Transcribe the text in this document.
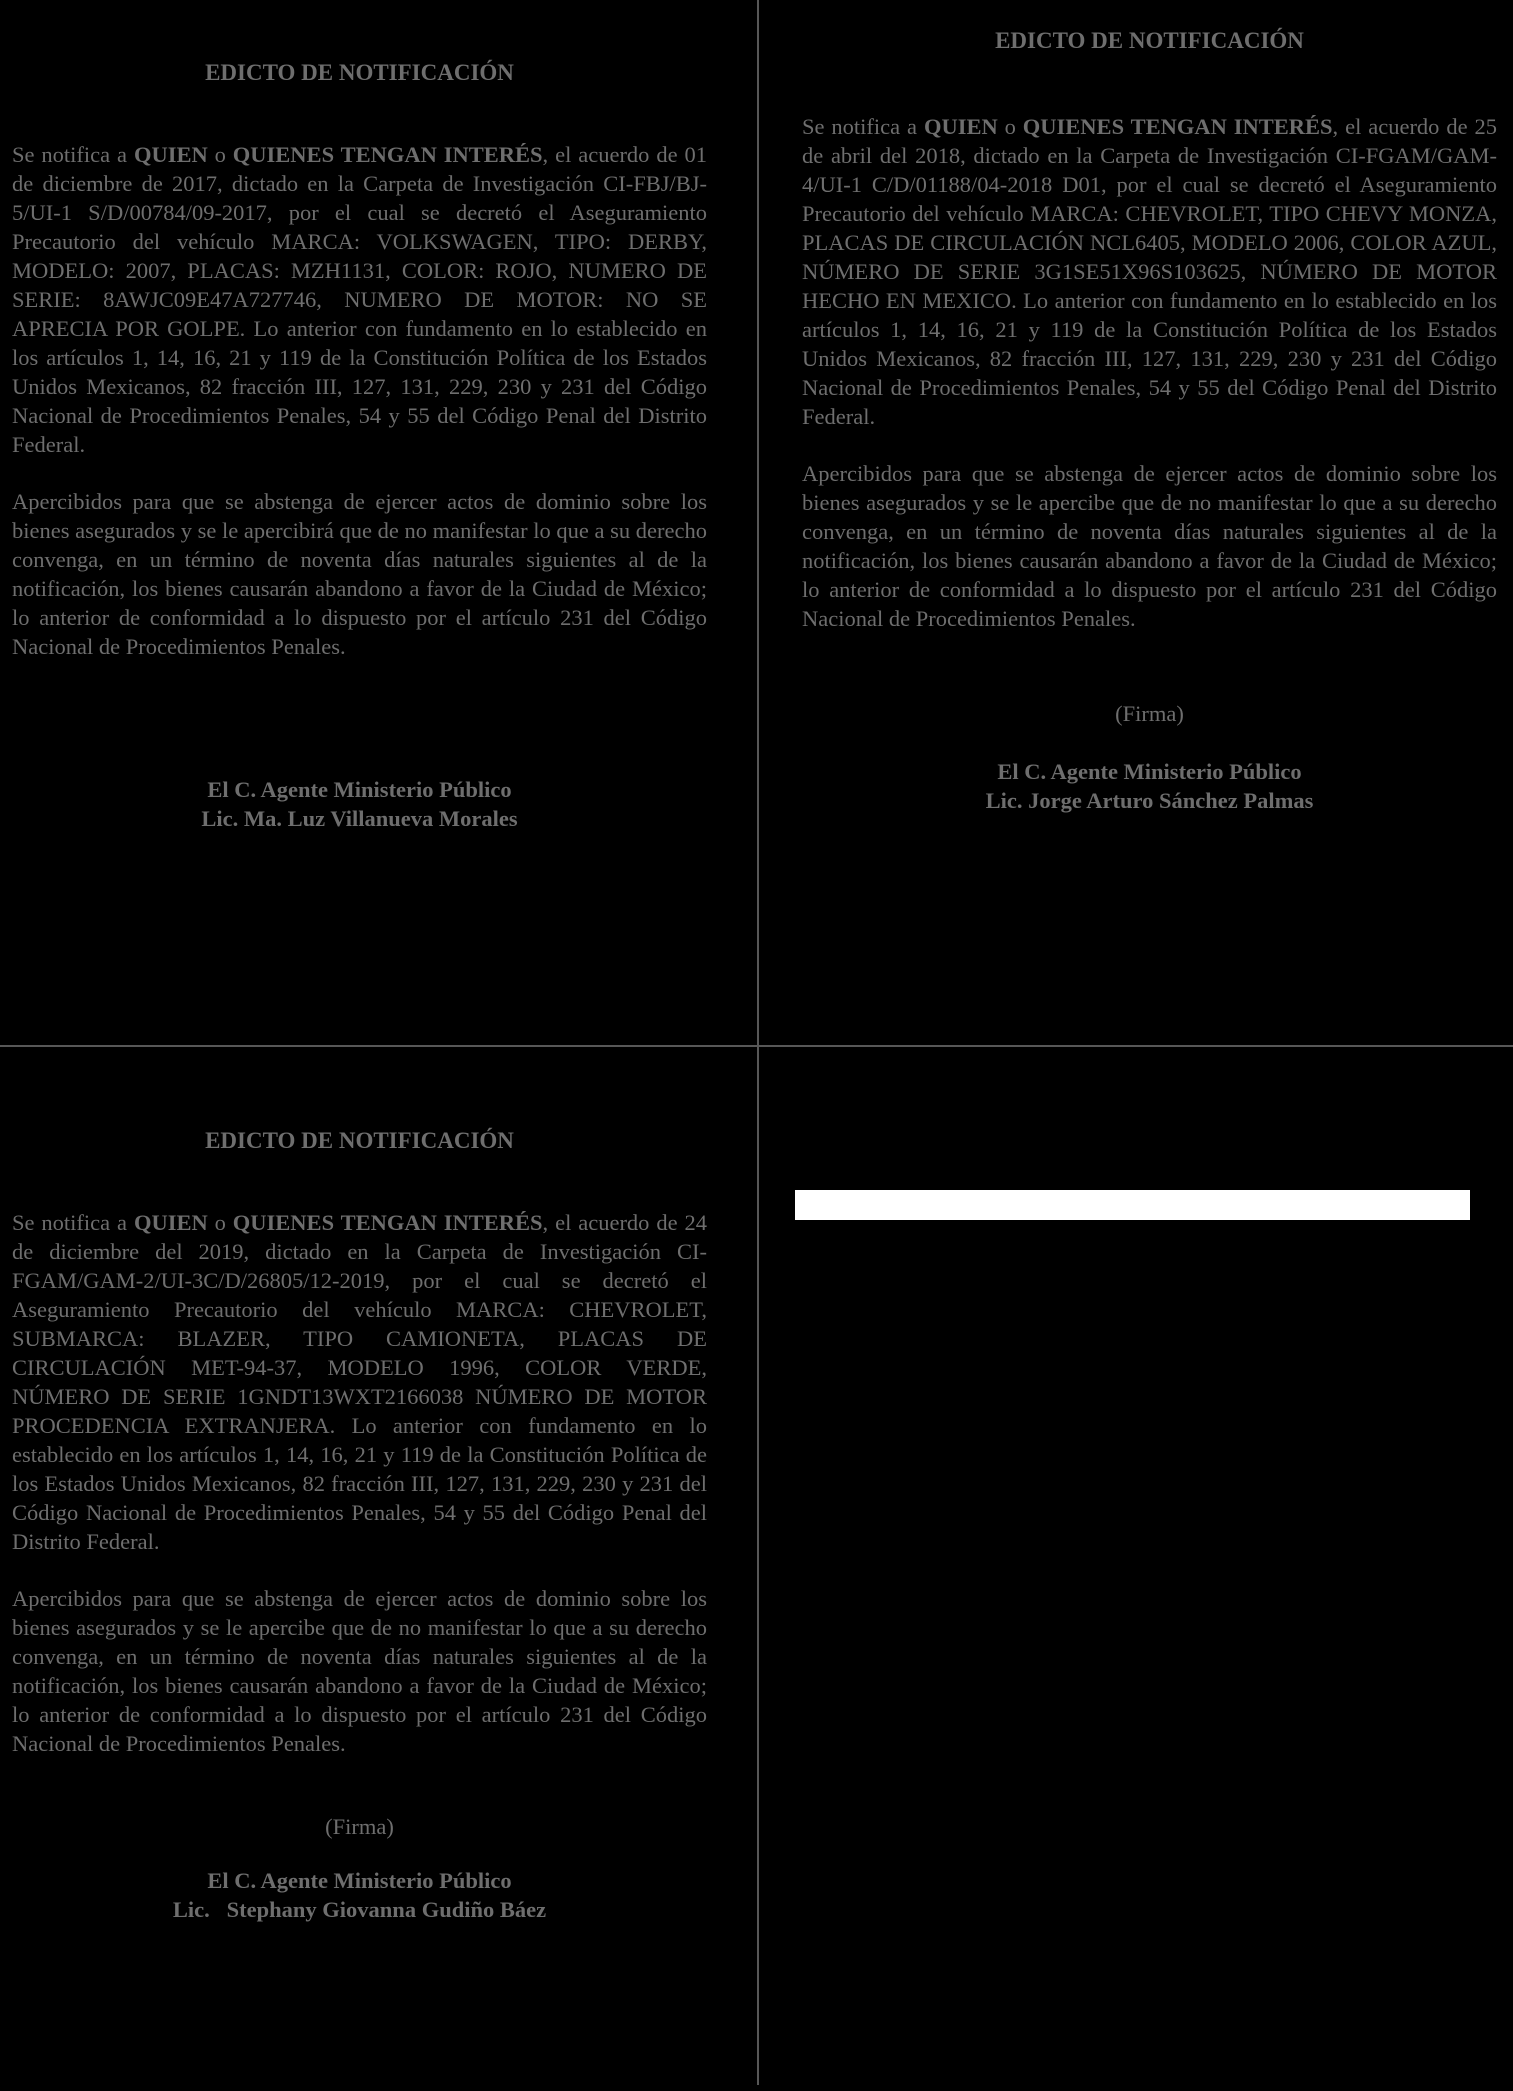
EDICTO DE NOTIFICACIÓN

Se notifica a QUIEN o QUIENES TENGAN INTERÉS, el acuerdo de 01 de diciembre de 2017, dictado en la Carpeta de Investigación CI-FBJ/BJ-5/UI-1 S/D/00784/09-2017, por el cual se decretó el Aseguramiento Precautorio del vehículo MARCA: VOLKSWAGEN, TIPO: DERBY, MODELO: 2007, PLACAS: MZH1131, COLOR: ROJO, NUMERO DE SERIE: 8AWJC09E47A727746, NUMERO DE MOTOR: NO SE APRECIA POR GOLPE. Lo anterior con fundamento en lo establecido en los artículos 1, 14, 16, 21 y 119 de la Constitución Política de los Estados Unidos Mexicanos, 82 fracción III, 127, 131, 229, 230 y 231 del Código Nacional de Procedimientos Penales, 54 y 55 del Código Penal del Distrito Federal.

Apercibidos para que se abstenga de ejercer actos de dominio sobre los bienes asegurados y se le apercibirá que de no manifestar lo que a su derecho convenga, en un término de noventa días naturales siguientes al de la notificación, los bienes causarán abandono a favor de la Ciudad de México; lo anterior de conformidad a lo dispuesto por el artículo 231 del Código Nacional de Procedimientos Penales.

El C. Agente Ministerio Público

Lic. Ma. Luz Villanueva Morales

EDICTO DE NOTIFICACIÓN

Se notifica a QUIEN o QUIENES TENGAN INTERÉS, el acuerdo de 25 de abril del 2018, dictado en la Carpeta de Investigación CI-FGAM/GAM-4/UI-1 C/D/01188/04-2018 D01, por el cual se decretó el Aseguramiento Precautorio del vehículo MARCA: CHEVROLET, TIPO CHEVY MONZA, PLACAS DE CIRCULACIÓN NCL6405, MODELO 2006, COLOR AZUL, NÚMERO DE SERIE 3G1SE51X96S103625, NÚMERO DE MOTOR HECHO EN MEXICO. Lo anterior con fundamento en lo establecido en los artículos 1, 14, 16, 21 y 119 de la Constitución Política de los Estados Unidos Mexicanos, 82 fracción III, 127, 131, 229, 230 y 231 del Código Nacional de Procedimientos Penales, 54 y 55 del Código Penal del Distrito Federal.

Apercibidos para que se abstenga de ejercer actos de dominio sobre los bienes asegurados y se le apercibe que de no manifestar lo que a su derecho convenga, en un término de noventa días naturales siguientes al de la notificación, los bienes causarán abandono a favor de la Ciudad de México; lo anterior de conformidad a lo dispuesto por el artículo 231 del Código Nacional de Procedimientos Penales.

(Firma)

El C. Agente Ministerio Público

Lic. Jorge Arturo Sánchez Palmas

EDICTO DE NOTIFICACIÓN

Se notifica a QUIEN o QUIENES TENGAN INTERÉS, el acuerdo de 24 de diciembre del 2019, dictado en la Carpeta de Investigación CI-FGAM/GAM-2/UI-3C/D/26805/12-2019, por el cual se decretó el Aseguramiento Precautorio del vehículo MARCA: CHEVROLET, SUBMARCA: BLAZER, TIPO CAMIONETA, PLACAS DE CIRCULACIÓN MET-94-37, MODELO 1996, COLOR VERDE, NÚMERO DE SERIE 1GNDT13WXT2166038 NÚMERO DE MOTOR PROCEDENCIA EXTRANJERA. Lo anterior con fundamento en lo establecido en los artículos 1, 14, 16, 21 y 119 de la Constitución Política de los Estados Unidos Mexicanos, 82 fracción III, 127, 131, 229, 230 y 231 del Código Nacional de Procedimientos Penales, 54 y 55 del Código Penal del Distrito Federal.

Apercibidos para que se abstenga de ejercer actos de dominio sobre los bienes asegurados y se le apercibe que de no manifestar lo que a su derecho convenga, en un término de noventa días naturales siguientes al de la notificación, los bienes causarán abandono a favor de la Ciudad de México; lo anterior de conformidad a lo dispuesto por el artículo 231 del Código Nacional de Procedimientos Penales.

(Firma)

El C. Agente Ministerio Público

Lic.   Stephany Giovanna Gudiño Báez
